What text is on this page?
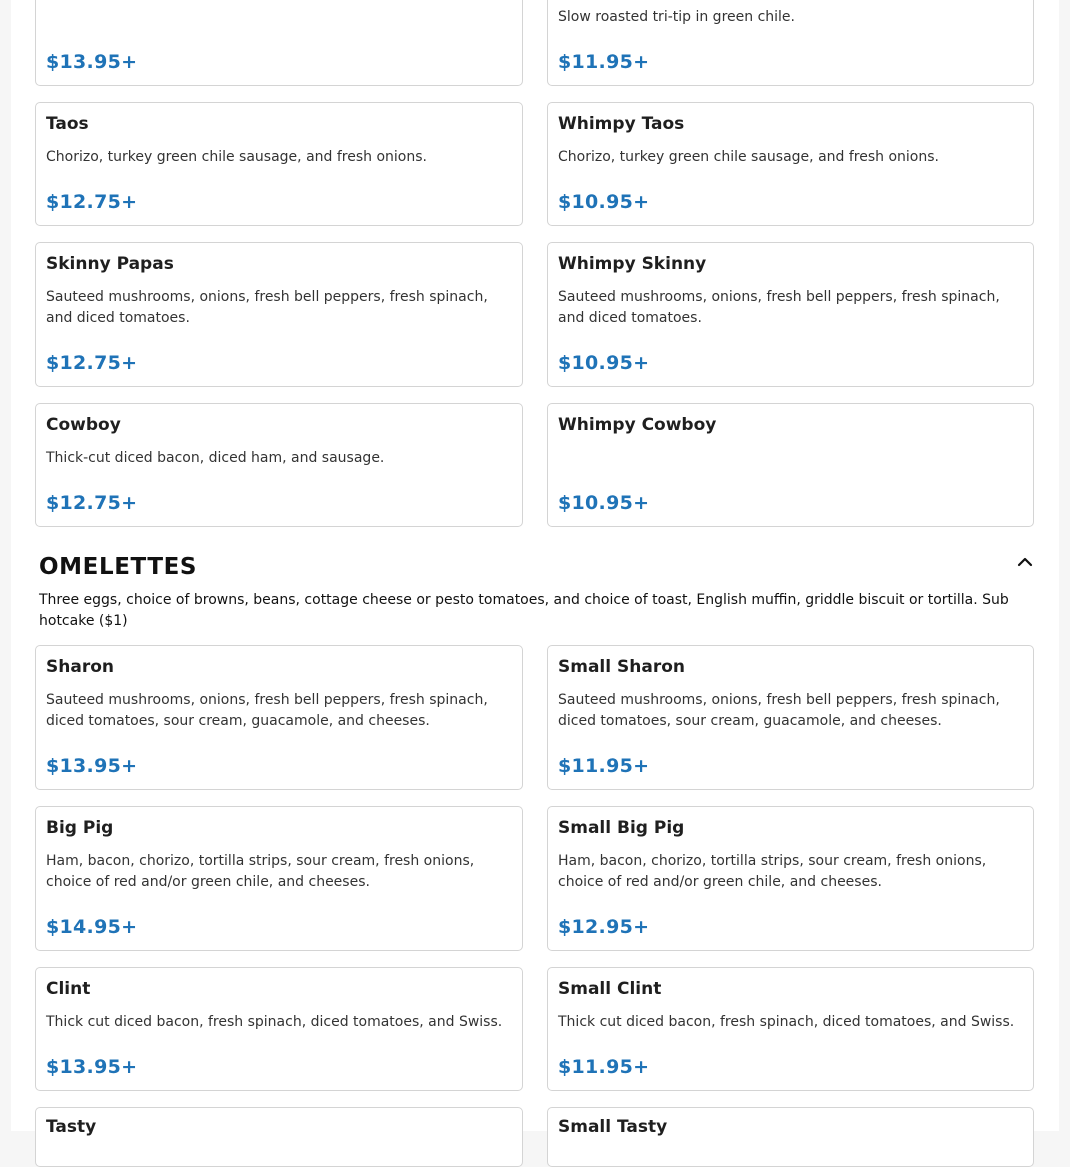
$13.95+
Slow roasted tri-tip in green chile.
$11.95+
Taos
Chorizo, turkey green chile sausage, and fresh onions.
$12.75+
Whimpy Taos
Chorizo, turkey green chile sausage, and fresh onions.
$10.95+
Skinny Papas
Sauteed mushrooms, onions, fresh bell peppers, fresh spinach, and diced tomatoes.
$12.75+
Whimpy Skinny
Sauteed mushrooms, onions, fresh bell peppers, fresh spinach, and diced tomatoes.
$10.95+
Cowboy
Thick-cut diced bacon, diced ham, and sausage.
$12.75+
Whimpy Cowboy
$10.95+
OMELETTES
Three eggs, choice of browns, beans, cottage cheese or pesto tomatoes, and choice of toast, English muffin, griddle biscuit or tortilla. Sub hotcake ($1)
Sharon
Sauteed mushrooms, onions, fresh bell peppers, fresh spinach, diced tomatoes, sour cream, guacamole, and cheeses.
$13.95+
Small Sharon
Sauteed mushrooms, onions, fresh bell peppers, fresh spinach, diced tomatoes, sour cream, guacamole, and cheeses.
$11.95+
Big Pig
Ham, bacon, chorizo, tortilla strips, sour cream, fresh onions, choice of red and/or green chile, and cheeses.
$14.95+
Small Big Pig
Ham, bacon, chorizo, tortilla strips, sour cream, fresh onions, choice of red and/or green chile, and cheeses.
$12.95+
Clint
Thick cut diced bacon, fresh spinach, diced tomatoes, and Swiss.
$13.95+
Small Clint
Thick cut diced bacon, fresh spinach, diced tomatoes, and Swiss.
$11.95+
Tasty	Small Tasty
